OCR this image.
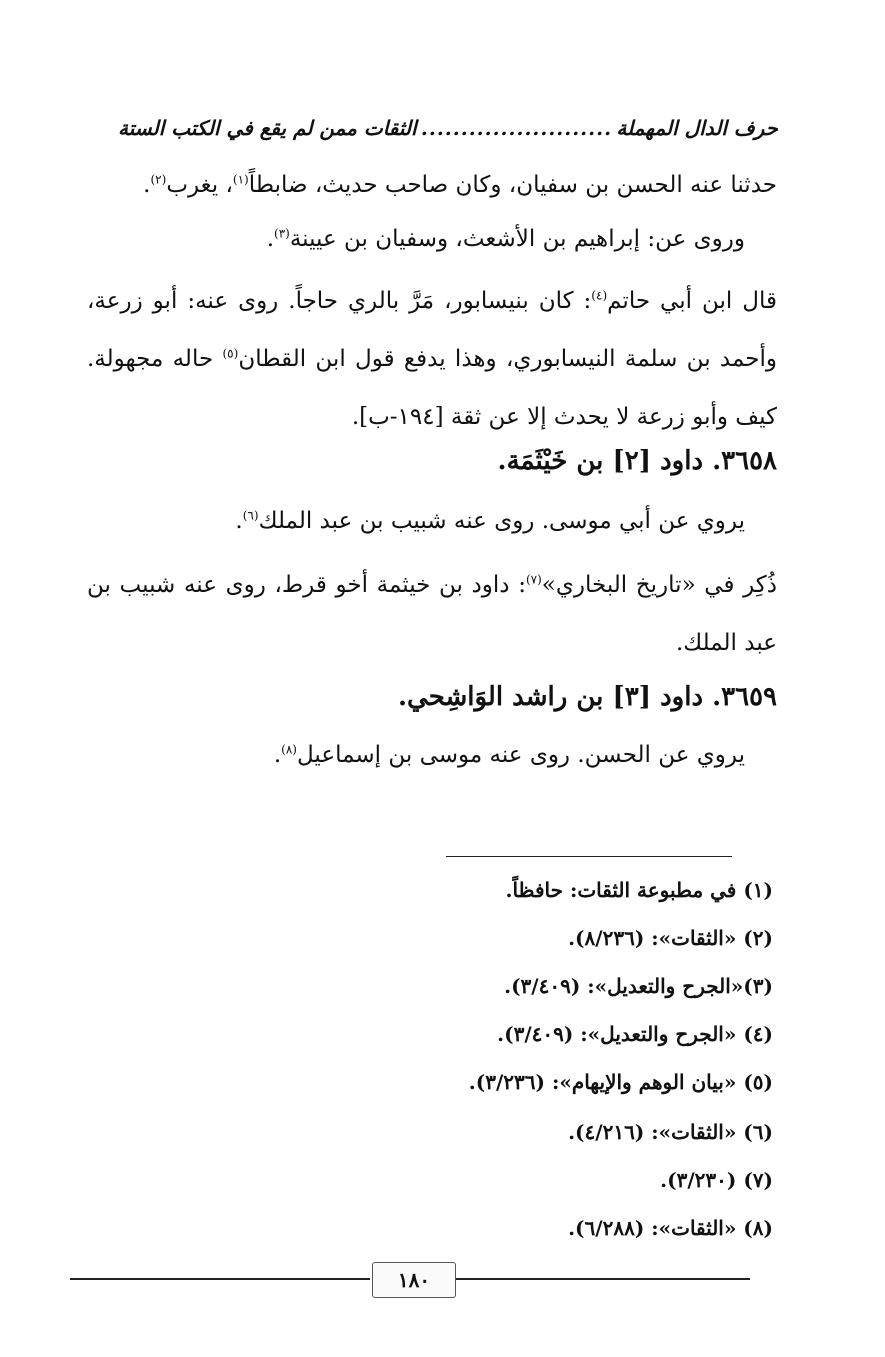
حرف الدال المهملة
........................
الثقات ممن لم يقع في الكتب الستة
حدثنا عنه الحسن بن سفيان، وكان صاحب حديث، ضابطاً$^{(١)}$، يغرب$^{(٢)}$.
وروى عن: إبراهيم بن الأشعث، وسفيان بن عيينة$^{(٣)}$.
قال ابن أبي حاتم$^{(٤)}$: كان بنيسابور، مَرَّ بالري حاجاً. روى عنه: أبو زرعة، وأحمد بن سلمة النيسابوري، وهذا يدفع قول ابن القطان$^{(٥)}$ حاله مجهولة. كيف وأبو زرعة لا يحدث إلا عن ثقة [١٩٤-ب].
٣٦٥٨. داود [٢] بن خَيْثَمَة.
يروي عن أبي موسى. روى عنه شبيب بن عبد الملك$^{(٦)}$.
ذُكِر في «تاريخ البخاري»$^{(٧)}$: داود بن خيثمة أخو قرط، روى عنه شبيب بن عبد الملك.
٣٦٥٩. داود [٣] بن راشد الوَاشِحي.
يروي عن الحسن. روى عنه موسى بن إسماعيل$^{(٨)}$.
(١) في مطبوعة الثقات: حافظاً.
(٢) «الثقات»: (٨/٢٣٦).
(٣)«الجرح والتعديل»: (٣/٤٠٩).
(٤) «الجرح والتعديل»: (٣/٤٠٩).
(٥) «بيان الوهم والإيهام»: (٣/٢٣٦).
(٦) «الثقات»: (٤/٢١٦).
(٧) (٣/٢٣٠).
(٨) «الثقات»: (٦/٢٨٨).
١٨٠
